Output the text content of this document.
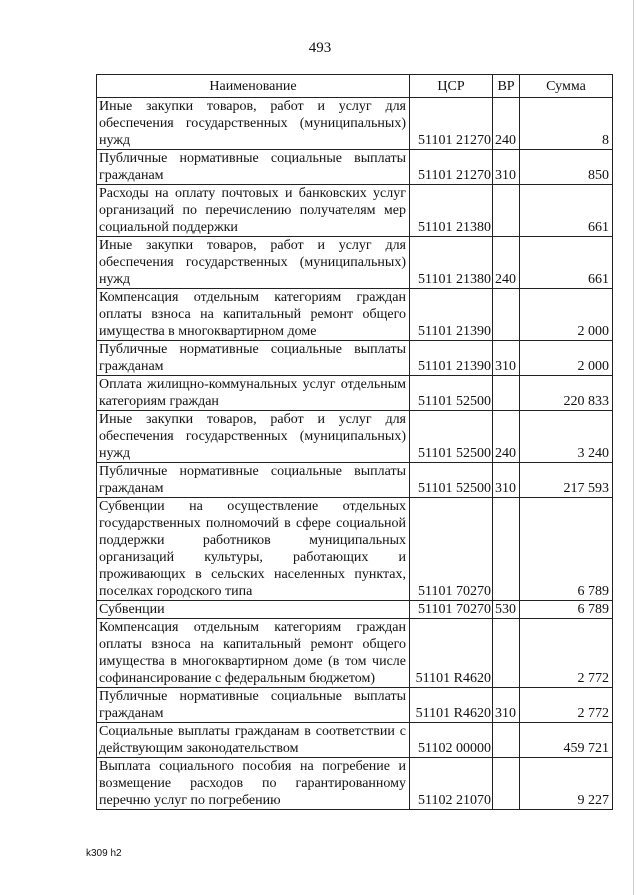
493
Наименование	ЦСР	ВР	Сумма
Иные закупки товаров, работ и услуг для обеспечения государственных (муниципальных) нужд	51101 21270	240	8
Публичные нормативные социальные выплаты гражданам	51101 21270	310	850
Расходы на оплату почтовых и банковских услуг организаций по перечислению получателям мер социальной поддержки	51101 21380		661
Иные закупки товаров, работ и услуг для обеспечения государственных (муниципальных) нужд	51101 21380	240	661
Компенсация отдельным категориям граждан оплаты взноса на капитальный ремонт общего имущества в многоквартирном доме	51101 21390		2 000
Публичные нормативные социальные выплаты гражданам	51101 21390	310	2 000
Оплата жилищно-коммунальных услуг отдельным категориям граждан	51101 52500		220 833
Иные закупки товаров, работ и услуг для обеспечения государственных (муниципальных) нужд	51101 52500	240	3 240
Публичные нормативные социальные выплаты гражданам	51101 52500	310	217 593
Субвенции на осуществление отдельных государственных полномочий в сфере социальной поддержки работников муниципальных организаций культуры, работающих и проживающих в сельских населенных пунктах, поселках городского типа	51101 70270		6 789
Субвенции	51101 70270	530	6 789
Компенсация отдельным категориям граждан оплаты взноса на капитальный ремонт общего имущества в многоквартирном доме (в том числе софинансирование с федеральным бюджетом)	51101 R4620		2 772
Публичные нормативные социальные выплаты гражданам	51101 R4620	310	2 772
Социальные выплаты гражданам в соответствии с действующим законодательством	51102 00000		459 721
Выплата социального пособия на погребение и возмещение расходов по гарантированному перечню услуг по погребению	51102 21070		9 227
k309 h2
